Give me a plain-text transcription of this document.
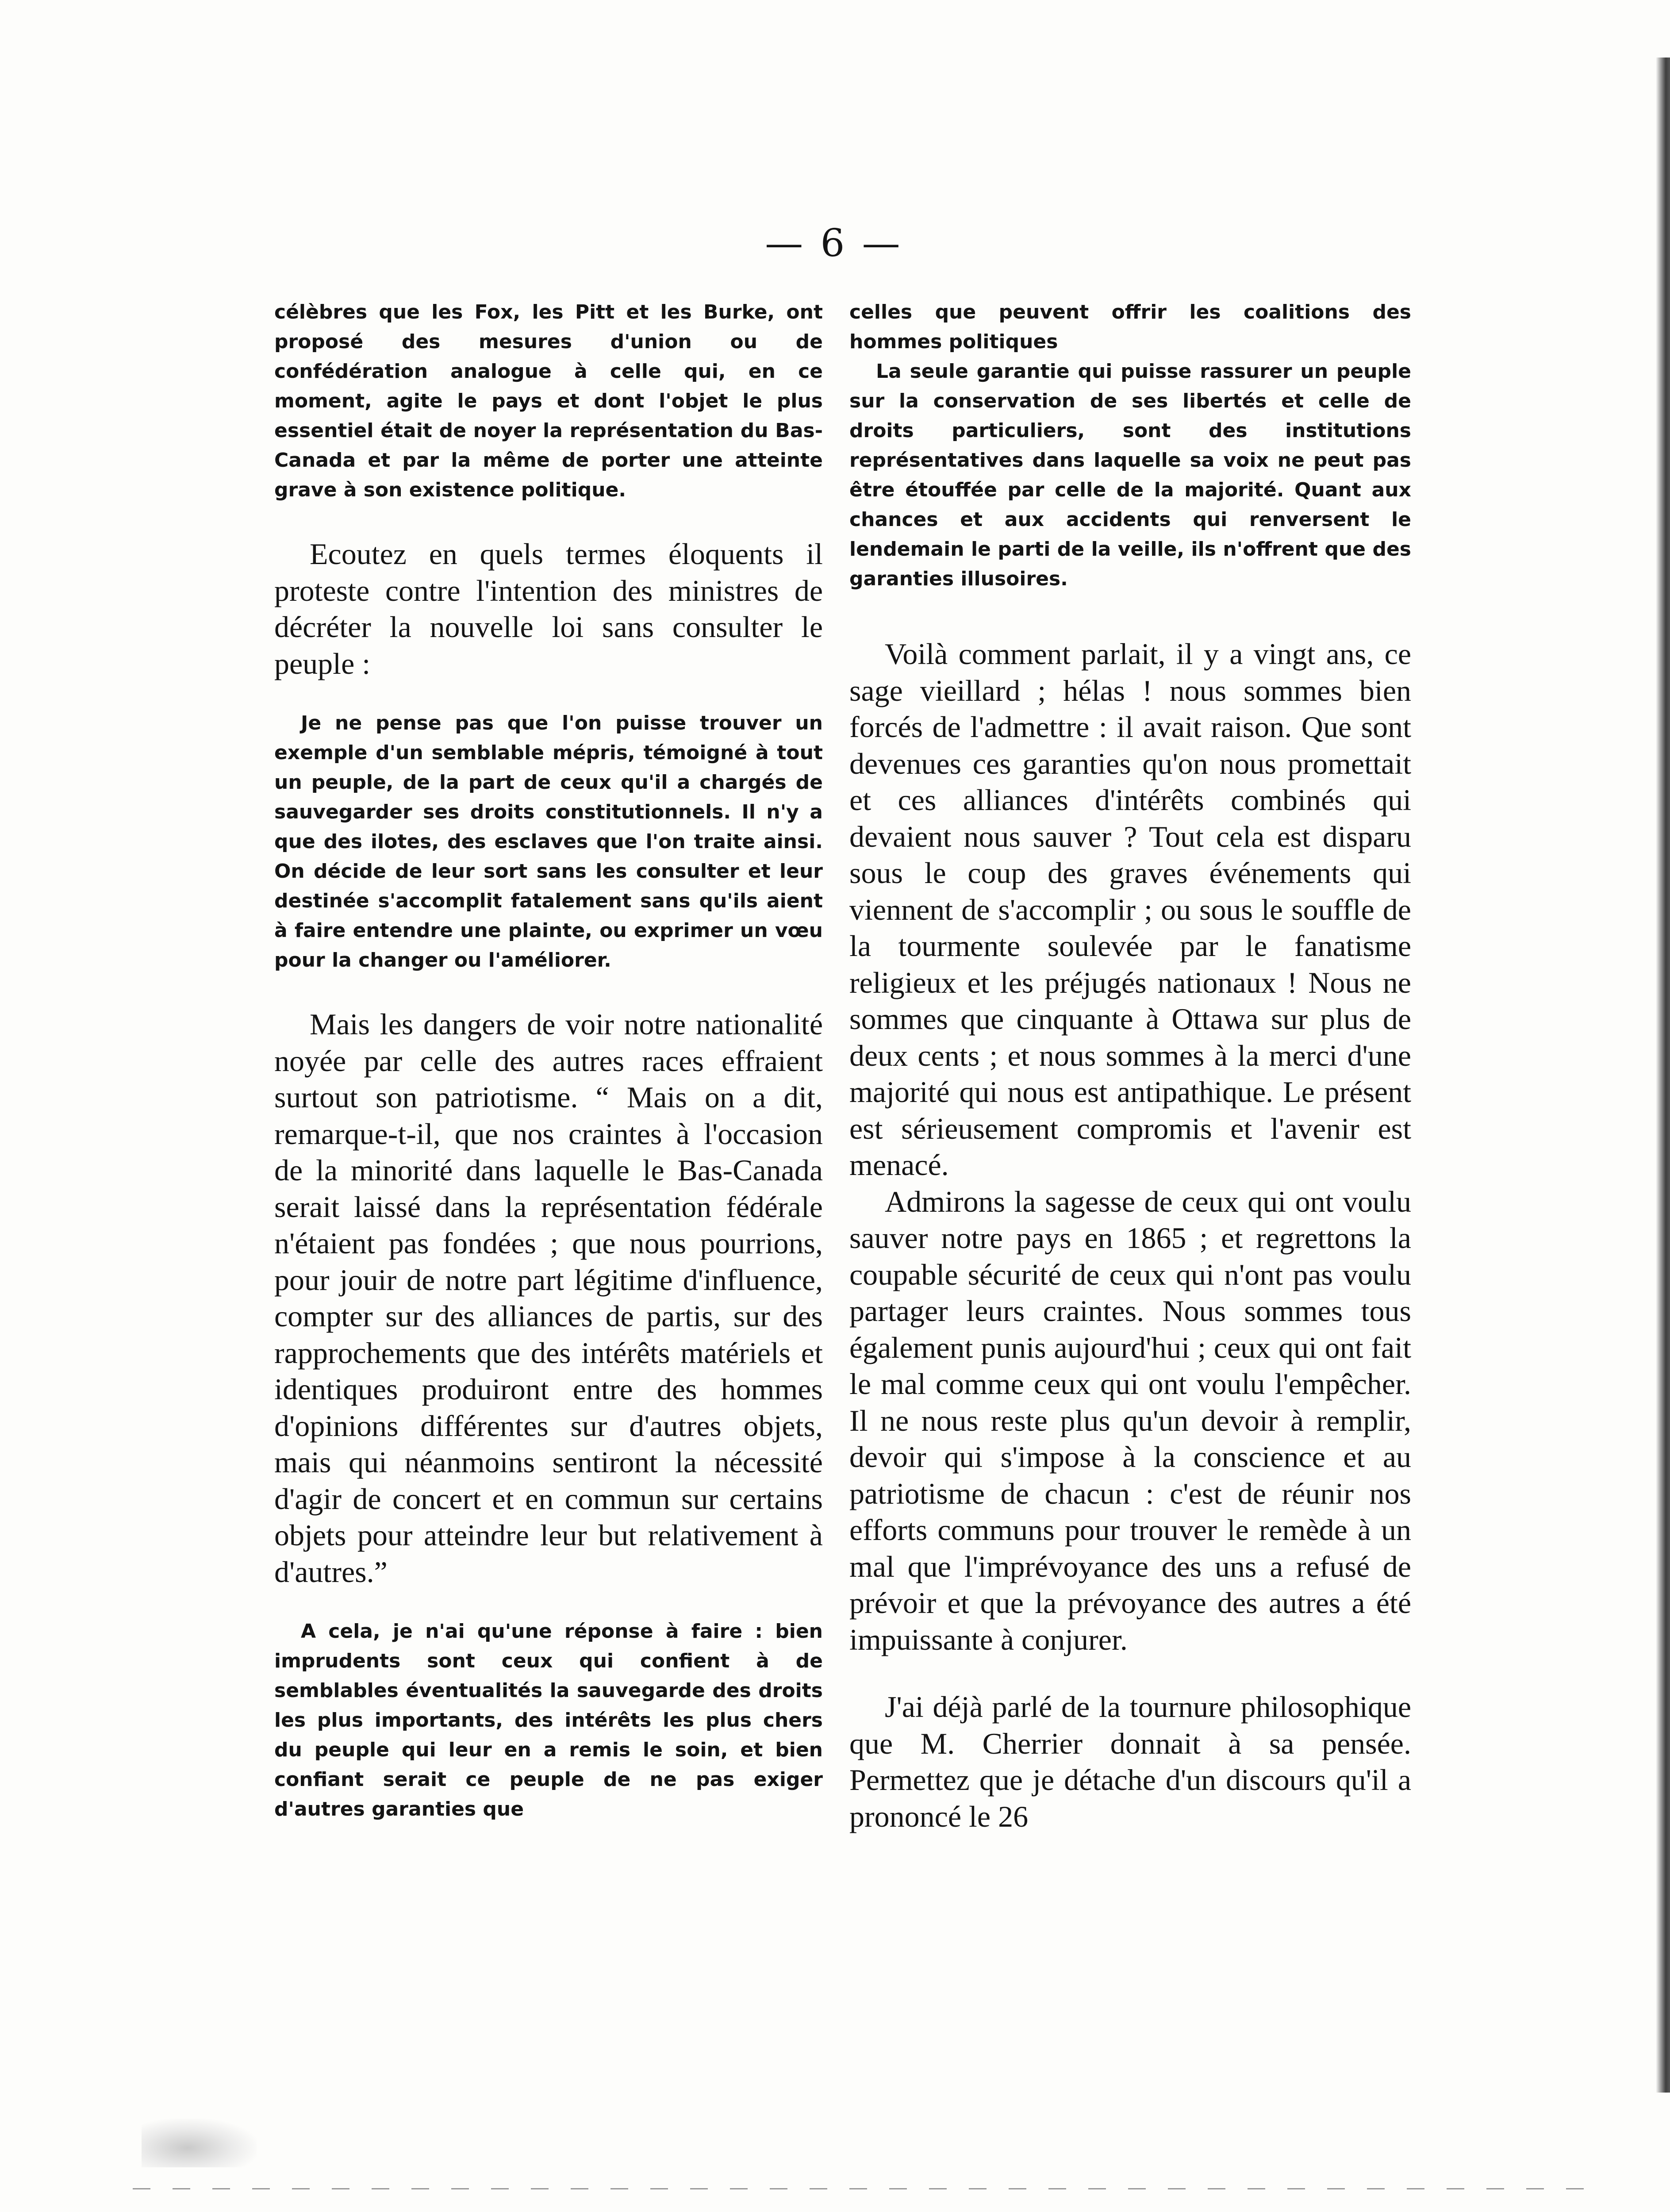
— 6 —

célèbres que les Fox, les Pitt et les Burke, ont proposé des mesures d'union ou de confédération analogue à celle qui, en ce moment, agite le pays et dont l'objet le plus essentiel était de noyer la représentation du Bas-Canada et par la même de porter une atteinte grave à son existence politique.

Ecoutez en quels termes éloquents il proteste contre l'intention des ministres de décréter la nouvelle loi sans consulter le peuple :

Je ne pense pas que l'on puisse trouver un exemple d'un semblable mépris, témoigné à tout un peuple, de la part de ceux qu'il a chargés de sauvegarder ses droits constitutionnels. Il n'y a que des ilotes, des esclaves que l'on traite ainsi. On décide de leur sort sans les consulter et leur destinée s'accomplit fatalement sans qu'ils aient à faire entendre une plainte, ou exprimer un vœu pour la changer ou l'améliorer.

Mais les dangers de voir notre nationalité noyée par celle des autres races effraient surtout son patriotisme. “ Mais on a dit, remarque-t-il, que nos craintes à l'occasion de la minorité dans laquelle le Bas-Canada serait laissé dans la représentation fédérale n'étaient pas fondées ; que nous pourrions, pour jouir de notre part légitime d'influence, compter sur des alliances de partis, sur des rapprochements que des intérêts matériels et identiques produiront entre des hommes d'opinions différentes sur d'autres objets, mais qui néanmoins sentiront la nécessité d'agir de concert et en commun sur certains objets pour atteindre leur but relativement à d'autres.”

A cela, je n'ai qu'une réponse à faire : bien imprudents sont ceux qui confient à de semblables éventualités la sauvegarde des droits les plus importants, des intérêts les plus chers du peuple qui leur en a remis le soin, et bien confiant serait ce peuple de ne pas exiger d'autres garanties que

celles que peuvent offrir les coalitions des hommes politiques

La seule garantie qui puisse rassurer un peuple sur la conservation de ses libertés et celle de droits particuliers, sont des institutions représentatives dans laquelle sa voix ne peut pas être étouffée par celle de la majorité. Quant aux chances et aux accidents qui renversent le lendemain le parti de la veille, ils n'offrent que des garanties illusoires.

Voilà comment parlait, il y a vingt ans, ce sage vieillard ; hélas ! nous sommes bien forcés de l'admettre : il avait raison. Que sont devenues ces garanties qu'on nous promettait et ces alliances d'intérêts combinés qui devaient nous sauver ? Tout cela est disparu sous le coup des graves événements qui viennent de s'accomplir ; ou sous le souffle de la tourmente soulevée par le fanatisme religieux et les préjugés nationaux ! Nous ne sommes que cinquante à Ottawa sur plus de deux cents ; et nous sommes à la merci d'une majorité qui nous est antipathique. Le présent est sérieusement compromis et l'avenir est menacé.

Admirons la sagesse de ceux qui ont voulu sauver notre pays en 1865 ; et regrettons la coupable sécurité de ceux qui n'ont pas voulu partager leurs craintes. Nous sommes tous également punis aujourd'hui ; ceux qui ont fait le mal comme ceux qui ont voulu l'empêcher. Il ne nous reste plus qu'un devoir à remplir, devoir qui s'impose à la conscience et au patriotisme de chacun : c'est de réunir nos efforts communs pour trouver le remède à un mal que l'imprévoyance des uns a refusé de prévoir et que la prévoyance des autres a été impuissante à conjurer.

J'ai déjà parlé de la tournure philosophique que M. Cherrier donnait à sa pensée. Permettez que je détache d'un discours qu'il a prononcé le 26
